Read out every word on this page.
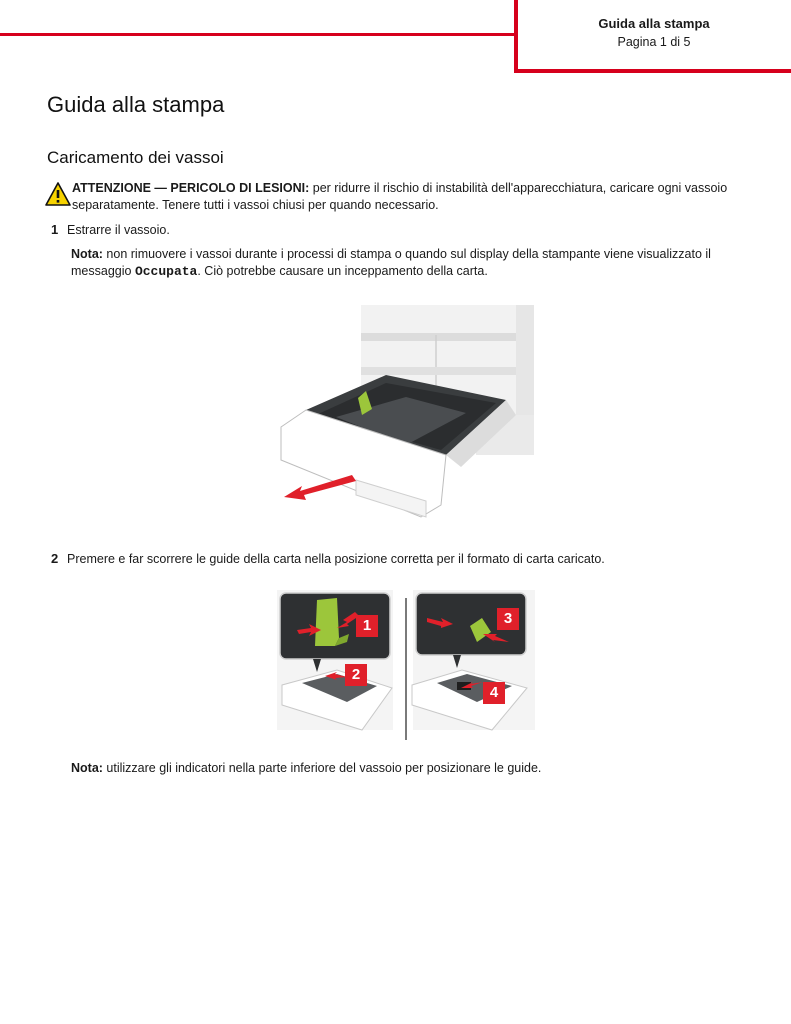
Guida alla stampa
Pagina 1 di 5
Guida alla stampa
Caricamento dei vassoi
ATTENZIONE — PERICOLO DI LESIONI: per ridurre il rischio di instabilità dell'apparecchiatura, caricare ogni vassoio
separatamente. Tenere tutti i vassoi chiusi per quando necessario.
1 Estrarre il vassoio.
Nota: non rimuovere i vassoi durante i processi di stampa o quando sul display della stampante viene visualizzato il
messaggio Occupata. Ciò potrebbe causare un inceppamento della carta.
2 Premere e far scorrere le guide della carta nella posizione corretta per il formato di carta caricato.
1
2
3
4
Nota: utilizzare gli indicatori nella parte inferiore del vassoio per posizionare le guide.
